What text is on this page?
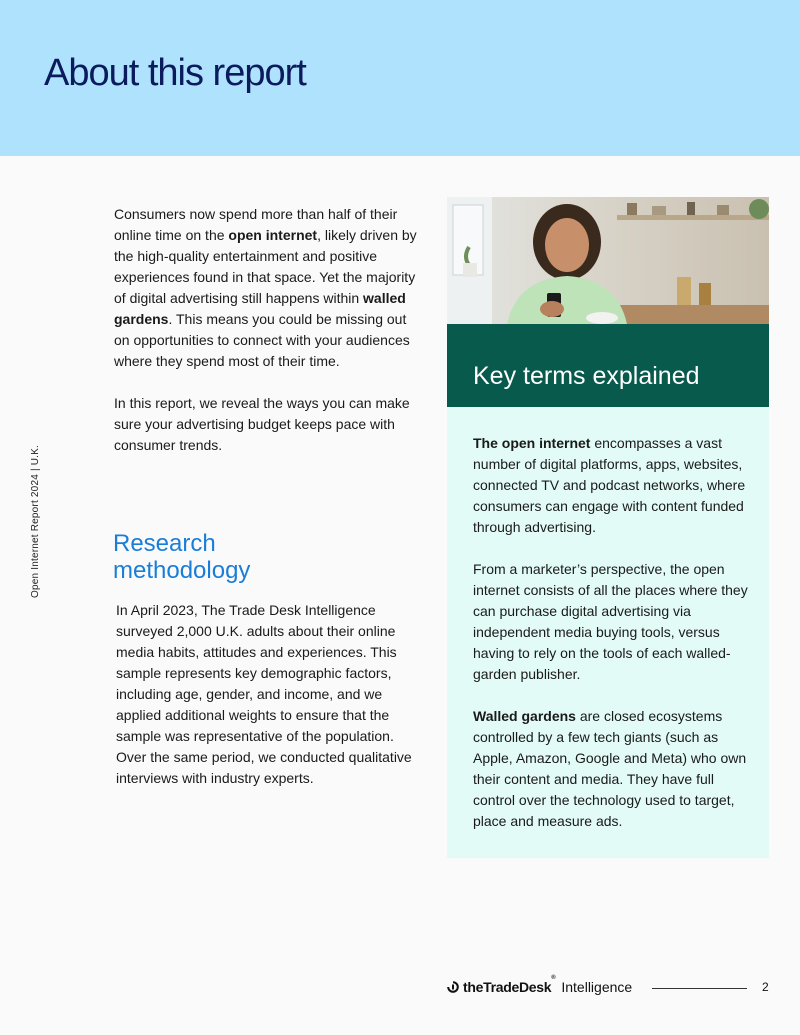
About this report
Open Internet Report 2024 | U.K.

Consumers now spend more than half of their online time on the open internet, likely driven by the high-quality entertainment and positive experiences found in that space. Yet the majority of digital advertising still happens within walled gardens. This means you could be missing out on opportunities to connect with your audiences where they spend most of their time.

In this report, we reveal the ways you can make sure your advertising budget keeps pace with consumer trends.

Research methodology

In April 2023, The Trade Desk Intelligence surveyed 2,000 U.K. adults about their online media habits, attitudes and experiences. This sample represents key demographic factors, including age, gender, and income, and we applied additional weights to ensure that the sample was representative of the population. Over the same period, we conducted qualitative interviews with industry experts.

Key terms explained

The open internet encompasses a vast number of digital platforms, apps, websites, connected TV and podcast networks, where consumers can engage with content funded through advertising.

From a marketer’s perspective, the open internet consists of all the places where they can purchase digital advertising via independent media buying tools, versus having to rely on the tools of each walled-garden publisher.

Walled gardens are closed ecosystems controlled by a few tech giants (such as Apple, Amazon, Google and Meta) who own their content and media. They have full control over the technology used to target, place and measure ads.

theTradeDesk®
Intelligence	2
